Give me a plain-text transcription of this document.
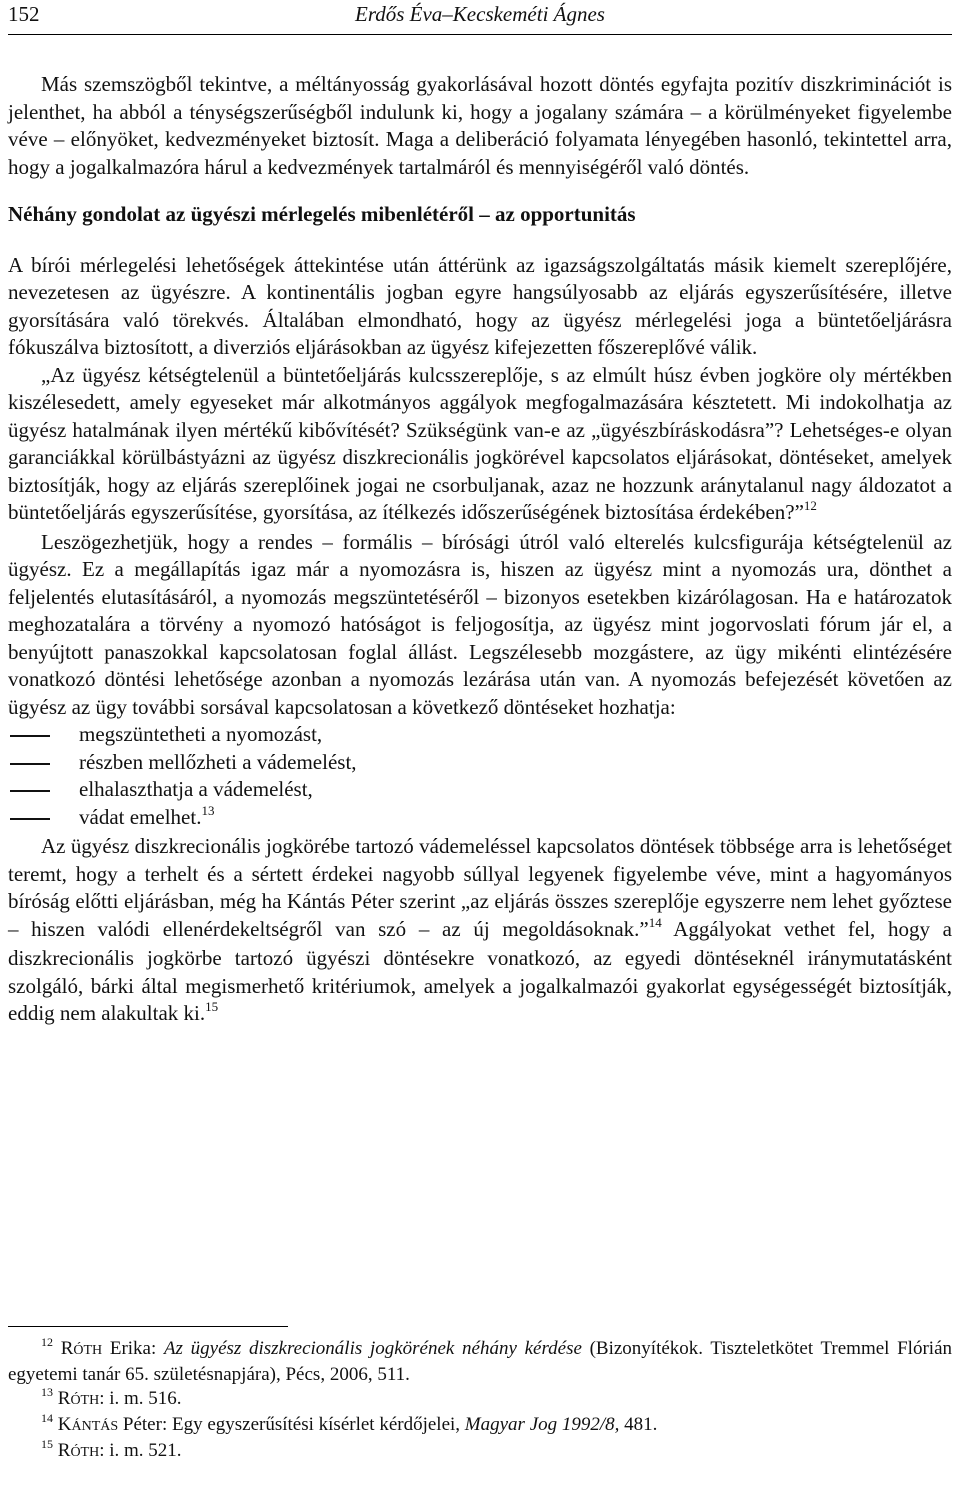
152	Erdős Éva–Kecskeméti Ágnes

Más szemszögből tekintve, a méltányosság gyakorlásával hozott döntés egyfajta pozitív diszkriminációt is jelenthet, ha abból a ténységszerűségből indulunk ki, hogy a jogalany számára – a körülményeket figyelembe véve – előnyöket, kedvezményeket biztosít. Maga a deliberáció folyamata lényegében hasonló, tekintettel arra, hogy a jogalkalmazóra hárul a kedvezmények tartalmáról és mennyiségéről való döntés.

Néhány gondolat az ügyészi mérlegelés mibenlétéről – az opportunitás

A bírói mérlegelési lehetőségek áttekintése után áttérünk az igazságszolgáltatás másik kiemelt szereplőjére, nevezetesen az ügyészre. A kontinentális jogban egyre hangsúlyosabb az eljárás egyszerűsítésére, illetve gyorsítására való törekvés. Általában elmondható, hogy az ügyész mérlegelési joga a büntetőeljárásra fókuszálva biztosított, a diverziós eljárásokban az ügyész kifejezetten főszereplővé válik.

„Az ügyész kétségtelenül a büntetőeljárás kulcsszereplője, s az elmúlt húsz évben jogköre oly mértékben kiszélesedett, amely egyeseket már alkotmányos aggályok megfogalmazására késztetett. Mi indokolhatja az ügyész hatalmának ilyen mértékű kibővítését? Szükségünk van-e az „ügyészbíráskodásra”? Lehetséges-e olyan garanciákkal körülbástyázni az ügyész diszkrecionális jogkörével kapcsolatos eljárásokat, döntéseket, amelyek biztosítják, hogy az eljárás szereplőinek jogai ne csorbuljanak, azaz ne hozzunk aránytalanul nagy áldozatot a büntetőeljárás egyszerűsítése, gyorsítása, az ítélkezés időszerűségének biztosítása érdekében?”$^{12}$

Leszögezhetjük, hogy a rendes – formális – bírósági útról való elterelés kulcsfigurája kétségtelenül az ügyész. Ez a megállapítás igaz már a nyomozásra is, hiszen az ügyész mint a nyomozás ura, dönthet a feljelentés elutasításáról, a nyomozás megszüntetéséről – bizonyos esetekben kizárólagosan. Ha e határozatok meghozatalára a törvény a nyomozó hatóságot is feljogosítja, az ügyész mint jogorvoslati fórum jár el, a benyújtott panaszokkal kapcsolatosan foglal állást. Legszélesebb mozgástere, az ügy mikénti elintézésére vonatkozó döntési lehetősége azonban a nyomozás lezárása után van. A nyomozás befejezését követően az ügyész az ügy további sorsával kapcsolatosan a következő döntéseket hozhatja:

megszüntetheti a nyomozást,
részben mellőzheti a vádemelést,
elhalaszthatja a vádemelést,
vádat emelhet.$^{13}$

Az ügyész diszkrecionális jogkörébe tartozó vádemeléssel kapcsolatos döntések többsége arra is lehetőséget teremt, hogy a terhelt és a sértett érdekei nagyobb súllyal legyenek figyelembe véve, mint a hagyományos bíróság előtti eljárásban, még ha Kántás Péter szerint „az eljárás összes szereplője egyszerre nem lehet győztese – hiszen valódi ellenérdekeltségről van szó – az új megoldásoknak.”$^{14}$ Aggályokat vethet fel, hogy a diszkrecionális jogkörbe tartozó ügyészi döntésekre vonatkozó, az egyedi döntéseknél iránymutatásként szolgáló, bárki által megismerhető kritériumok, amelyek a jogalkalmazói gyakorlat egységességét biztosítják, eddig nem alakultak ki.$^{15}$

$^{12}$ RÓTH Erika: Az ügyész diszkrecionális jogkörének néhány kérdése (Bizonyítékok. Tiszteletkötet Tremmel Flórián egyetemi tanár 65. születésnapjára), Pécs, 2006, 511.

$^{13}$ RÓTH: i. m. 516.

$^{14}$ KÁNTÁS Péter: Egy egyszerűsítési kísérlet kérdőjelei, Magyar Jog 1992/8, 481.

$^{15}$ RÓTH: i. m. 521.
